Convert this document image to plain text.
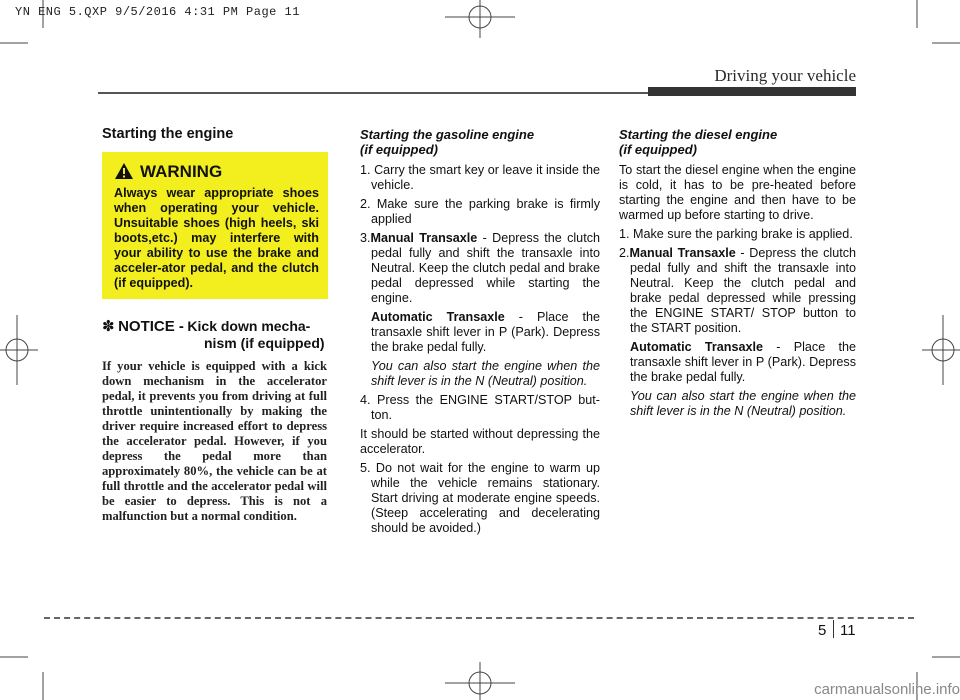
YN ENG 5.QXP 9/5/2016 4:31 PM Page 11
Driving your vehicle
Starting the engine
WARNING
Always wear appropriate shoes when operating your vehicle. Unsuitable shoes (high heels, ski boots,etc.) may interfere with your ability to use the brake and acceler-ator pedal, and the clutch (if equipped).
✽ NOTICE - Kick down mecha-
nism (if equipped)
If your vehicle is equipped with a kick down mechanism in the accelerator pedal, it prevents you from driving at full throttle unintentionally by making the driver require increased effort to depress the accelerator pedal. However, if you depress the pedal more than approximately 80%, the vehicle can be at full throttle and the accelerator pedal will be easier to depress. This is not a malfunction but a normal condition.
Starting the gasoline engine
(if equipped)

1. Carry the smart key or leave it inside the vehicle.

2. Make sure the parking brake is firmly applied

3.Manual Transaxle - Depress the clutch pedal fully and shift the transaxle into Neutral. Keep the clutch pedal and brake pedal depressed while starting the engine.

Automatic Transaxle - Place the transaxle shift lever in P (Park). Depress the brake pedal fully.

You can also start the engine when the shift lever is in the N (Neutral) position.

4. Press the ENGINE START/STOP but-ton.

It should be started without depressing the accelerator.

5. Do not wait for the engine to warm up while the vehicle remains stationary. Start driving at moderate engine speeds. (Steep accelerating and decelerating should be avoided.)

Starting the diesel engine
(if equipped)

To start the diesel engine when the engine is cold, it has to be pre-heated before starting the engine and then have to be warmed up before starting to drive.

1. Make sure the parking brake is applied.

2.Manual Transaxle - Depress the clutch pedal fully and shift the transaxle into Neutral. Keep the clutch pedal and brake pedal depressed while pressing the ENGINE START/ STOP button to the START position.

Automatic Transaxle - Place the transaxle shift lever in P (Park). Depress the brake pedal fully.

You can also start the engine when the shift lever is in the N (Neutral) position.

5 11
carmanualsonline.info
